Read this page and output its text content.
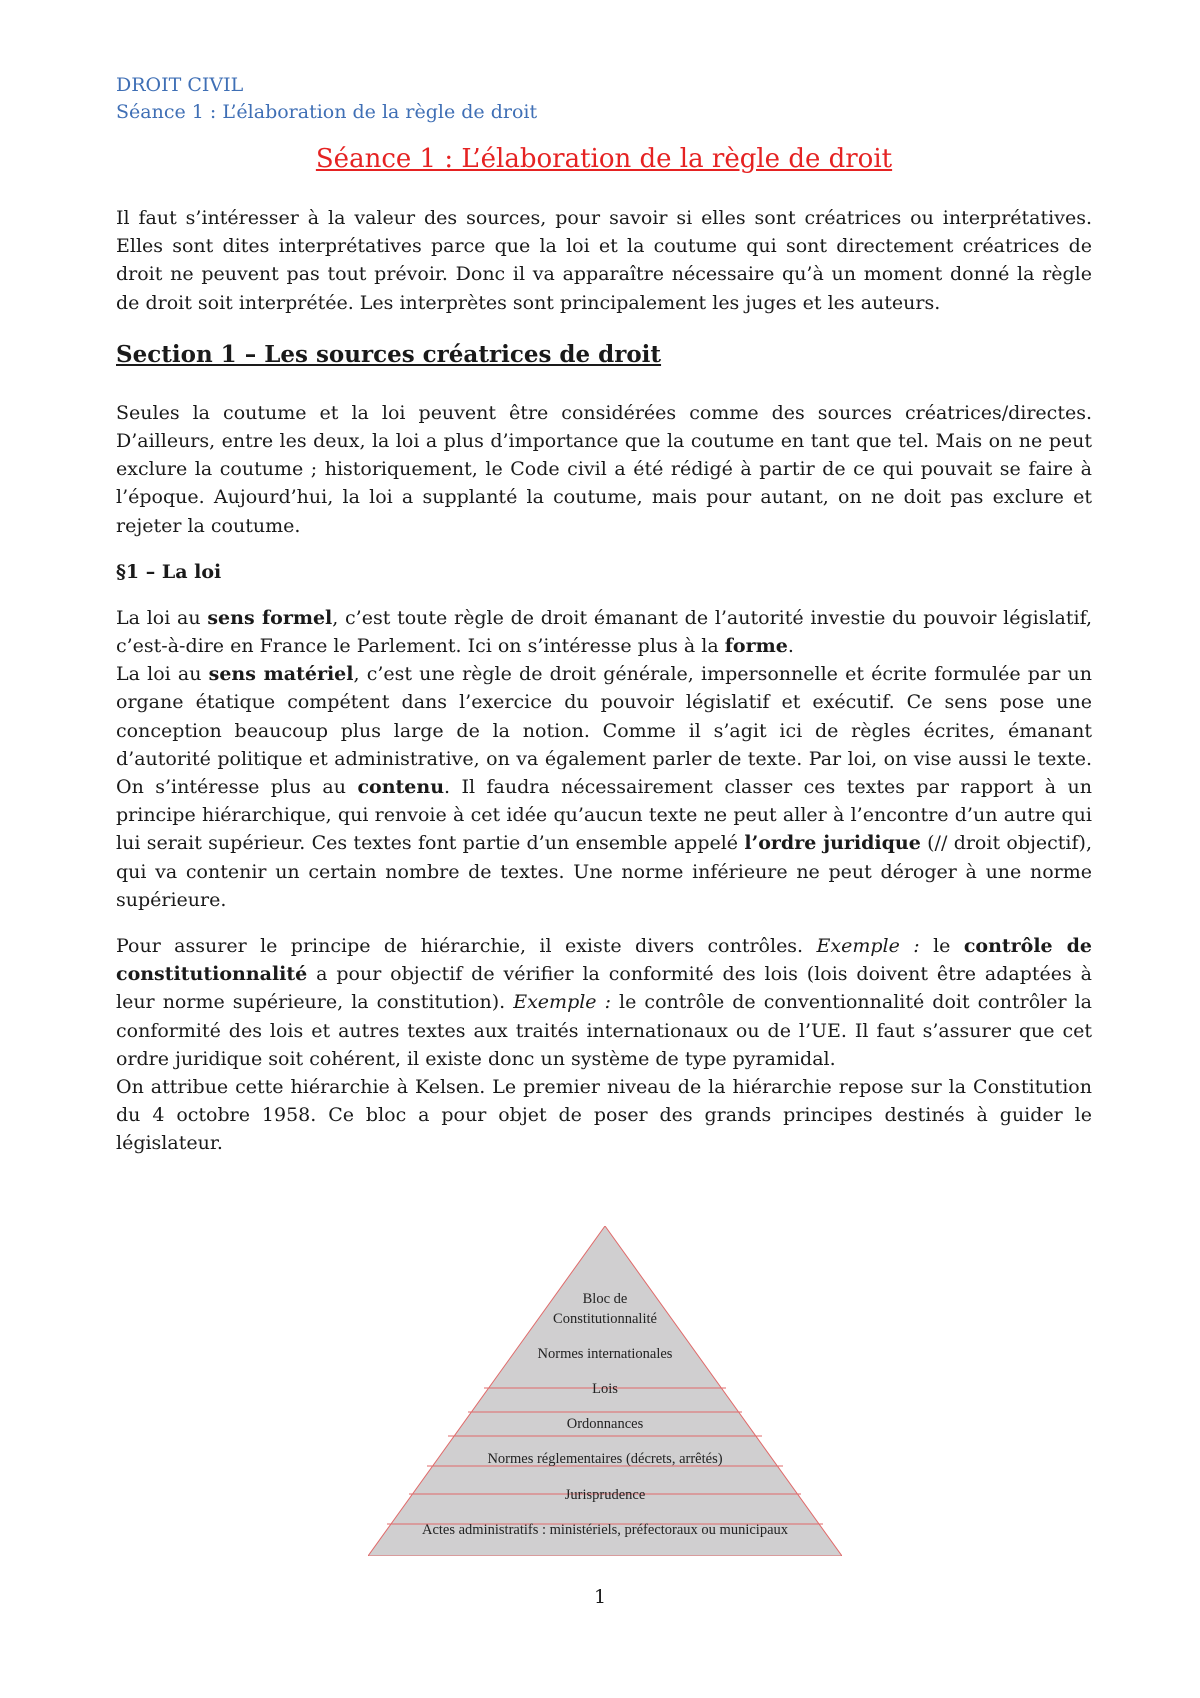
DROIT CIVIL
Séance 1 : L’élaboration de la règle de droit
Séance 1 : L’élaboration de la règle de droit

Il faut s’intéresser à la valeur des sources, pour savoir si elles sont créatrices ou interprétatives. Elles sont dites interprétatives parce que la loi et la coutume qui sont directement créatrices de droit ne peuvent pas tout prévoir. Donc il va apparaître nécessaire qu’à un moment donné la règle de droit soit interprétée. Les interprètes sont principalement les juges et les auteurs.

Section 1 – Les sources créatrices de droit

Seules la coutume et la loi peuvent être considérées comme des sources créatrices/directes. D’ailleurs, entre les deux, la loi a plus d’importance que la coutume en tant que tel. Mais on ne peut exclure la coutume ; historiquement, le Code civil a été rédigé à partir de ce qui pouvait se faire à l’époque. Aujourd’hui, la loi a supplanté la coutume, mais pour autant, on ne doit pas exclure et rejeter la coutume.

§1 – La loi

La loi au sens formel, c’est toute règle de droit émanant de l’autorité investie du pouvoir législatif, c’est-à-dire en France le Parlement. Ici on s’intéresse plus à la forme.

La loi au sens matériel, c’est une règle de droit générale, impersonnelle et écrite formulée par un organe étatique compétent dans l’exercice du pouvoir législatif et exécutif. Ce sens pose une conception beaucoup plus large de la notion. Comme il s’agit ici de règles écrites, émanant d’autorité politique et administrative, on va également parler de texte. Par loi, on vise aussi le texte. On s’intéresse plus au contenu. Il faudra nécessairement classer ces textes par rapport à un principe hiérarchique, qui renvoie à cet idée qu’aucun texte ne peut aller à l’encontre d’un autre qui lui serait supérieur. Ces textes font partie d’un ensemble appelé l’ordre juridique (// droit objectif), qui va contenir un certain nombre de textes. Une norme inférieure ne peut déroger à une norme supérieure.

Pour assurer le principe de hiérarchie, il existe divers contrôles. Exemple : le contrôle de constitutionnalité a pour objectif de vérifier la conformité des lois (lois doivent être adaptées à leur norme supérieure, la constitution). Exemple : le contrôle de conventionnalité doit contrôler la conformité des lois et autres textes aux traités internationaux ou de l’UE. Il faut s’assurer que cet ordre juridique soit cohérent, il existe donc un système de type pyramidal.

On attribue cette hiérarchie à Kelsen. Le premier niveau de la hiérarchie repose sur la Constitution du 4 octobre 1958. Ce bloc a pour objet de poser des grands principes destinés à guider le législateur.

Bloc de
Constitutionnalité
Normes internationales
Lois
Ordonnances
Normes réglementaires (décrets, arrêtés)
Jurisprudence
Actes administratifs : ministériels, préfectoraux ou municipaux
1
